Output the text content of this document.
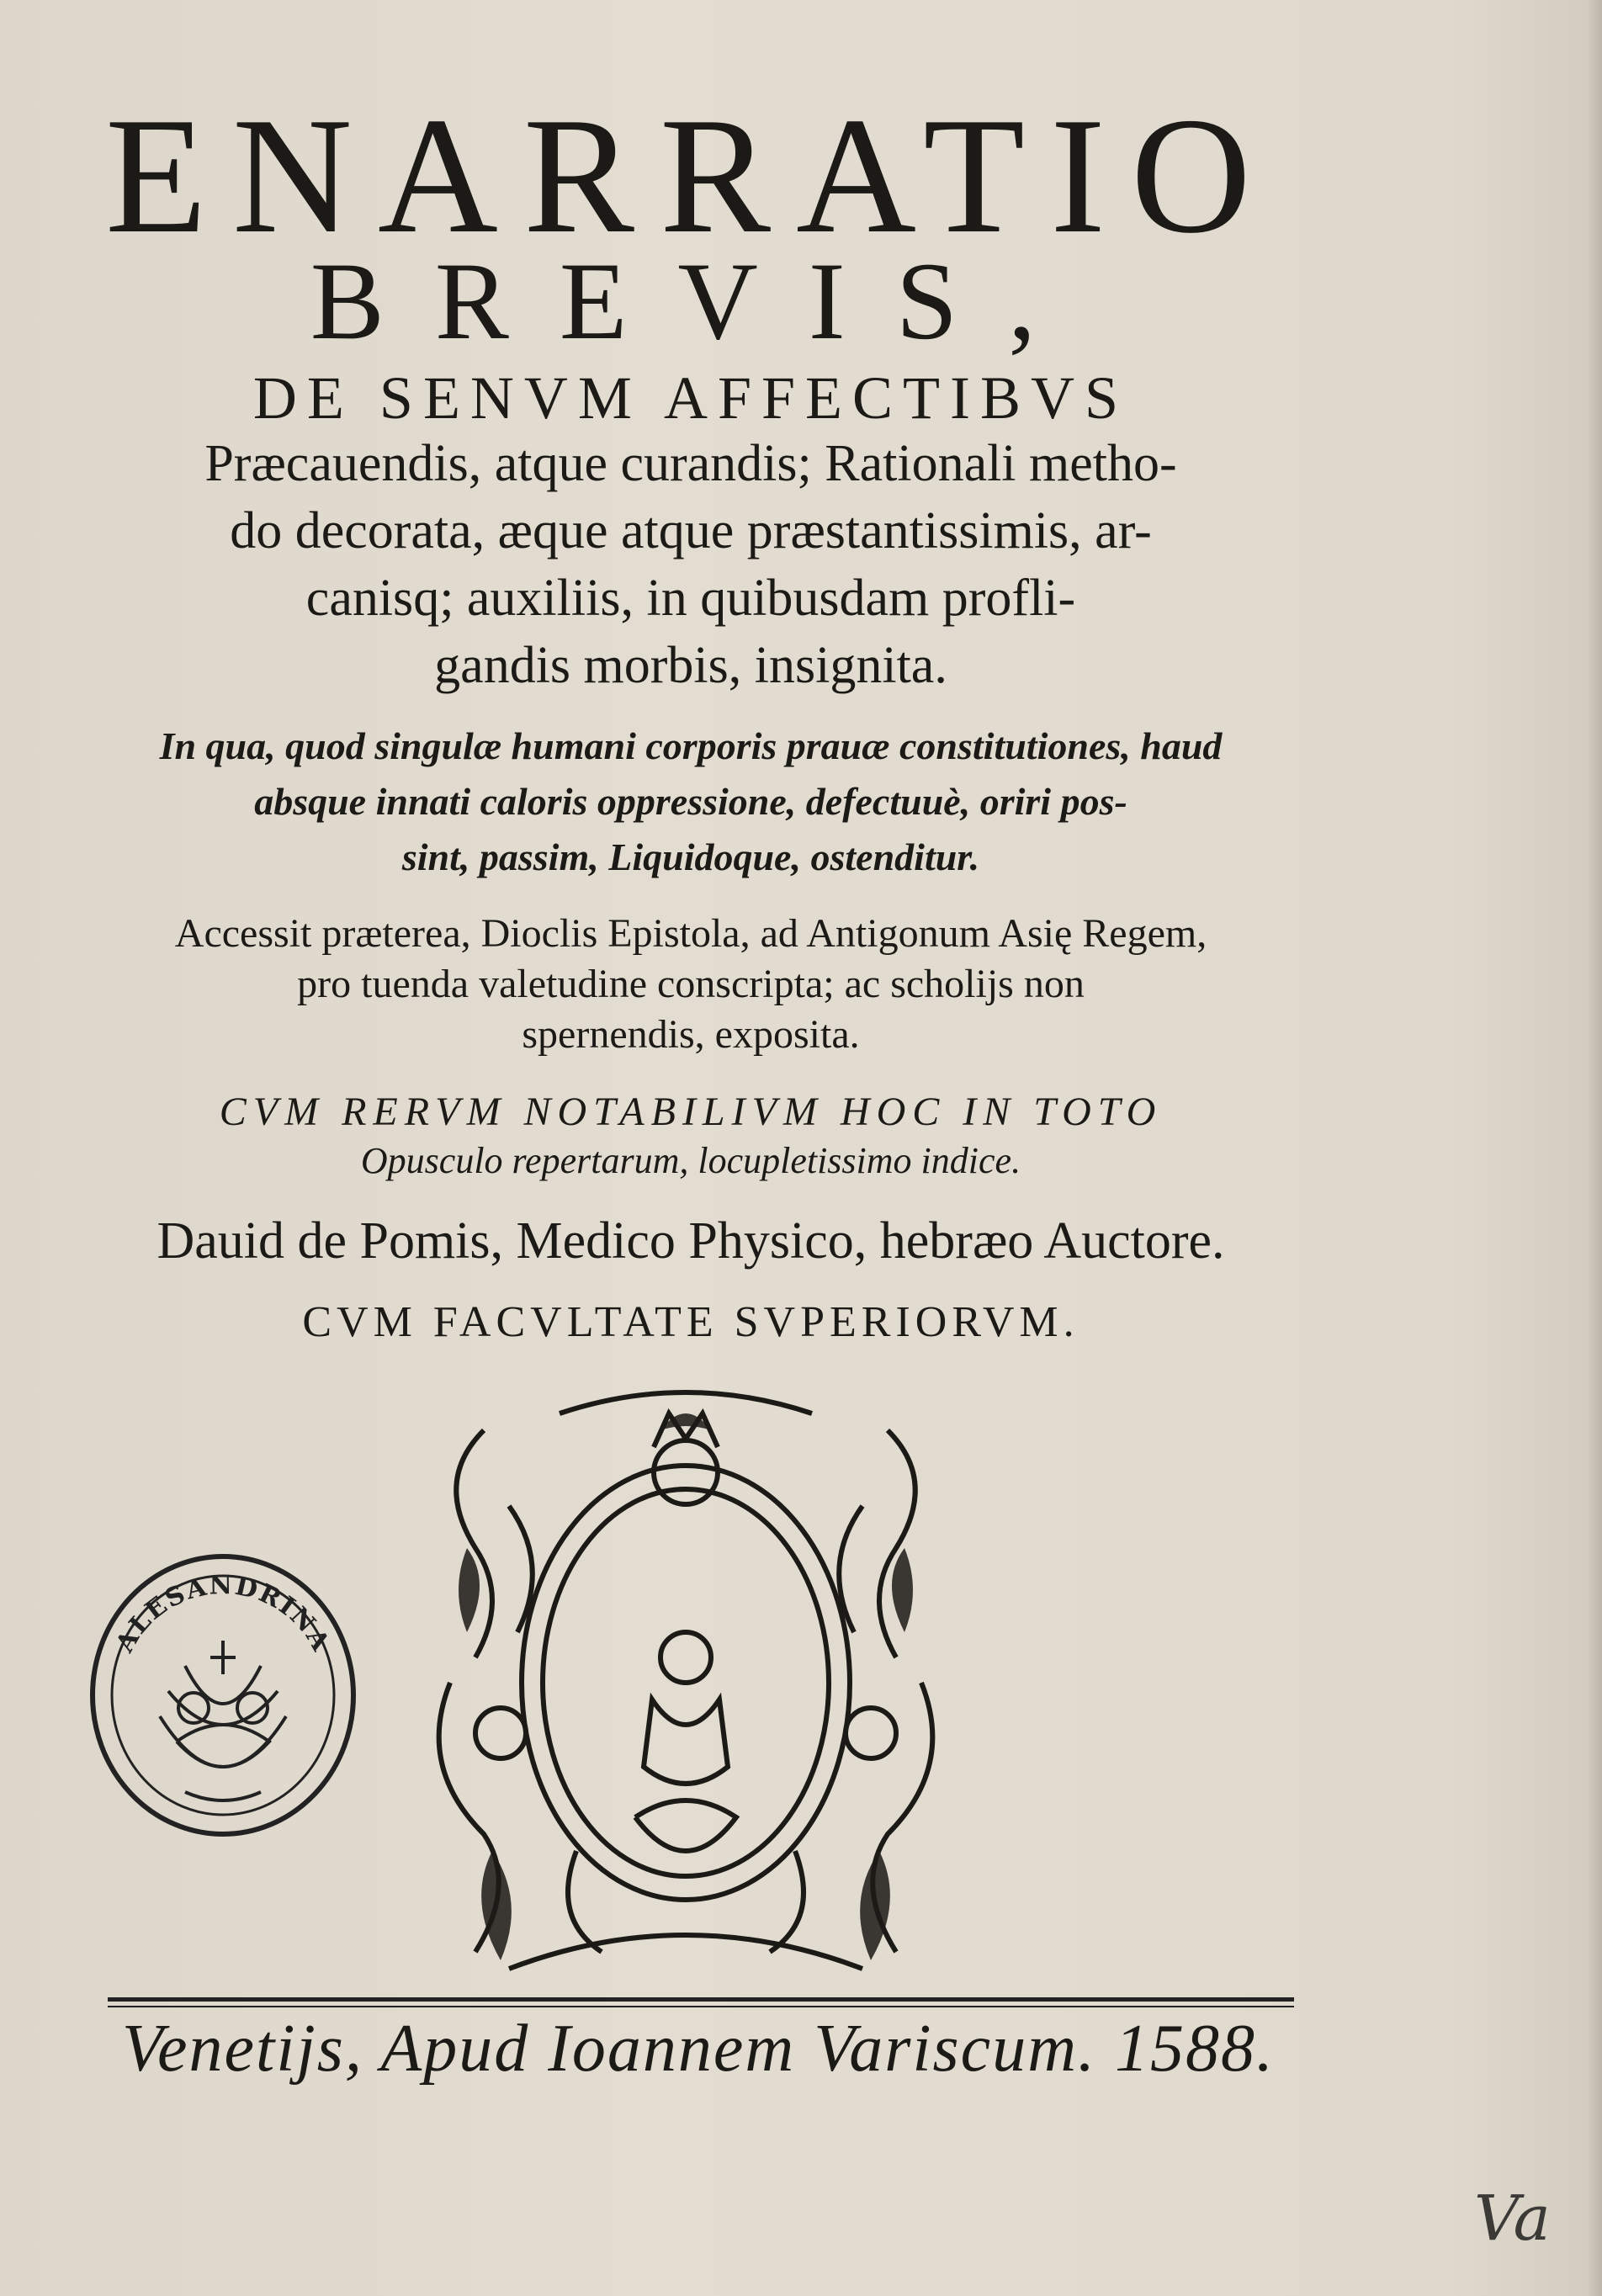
ENARRATIO
BREVIS,
DE SENVM AFFECTIBVS
Præcauendis, atque curandis; Rationali metho-
do decorata, æque atque præstantissimis, ar-
canisq; auxiliis, in quibusdam profli-
gandis morbis, insignita.
In qua, quod singulæ humani corporis prauæ constitutiones, haud
absque innati caloris oppressione, defectuuè, oriri pos-
sint, passim, Liquidoque, ostenditur.
Accessit præterea, Dioclis Epistola, ad Antigonum Asię Regem,
pro tuenda valetudine conscripta; ac scholijs non
spernendis, exposita.
CVM RERVM NOTABILIVM HOC IN TOTO
Opusculo repertarum, locupletissimo indice.
Dauid de Pomis, Medico Physico, hebræo Auctore.
CVM FACVLTATE SVPERIORVM.
ALESANDRINA
Venetijs, Apud Ioannem Variscum. 1588.
Va
